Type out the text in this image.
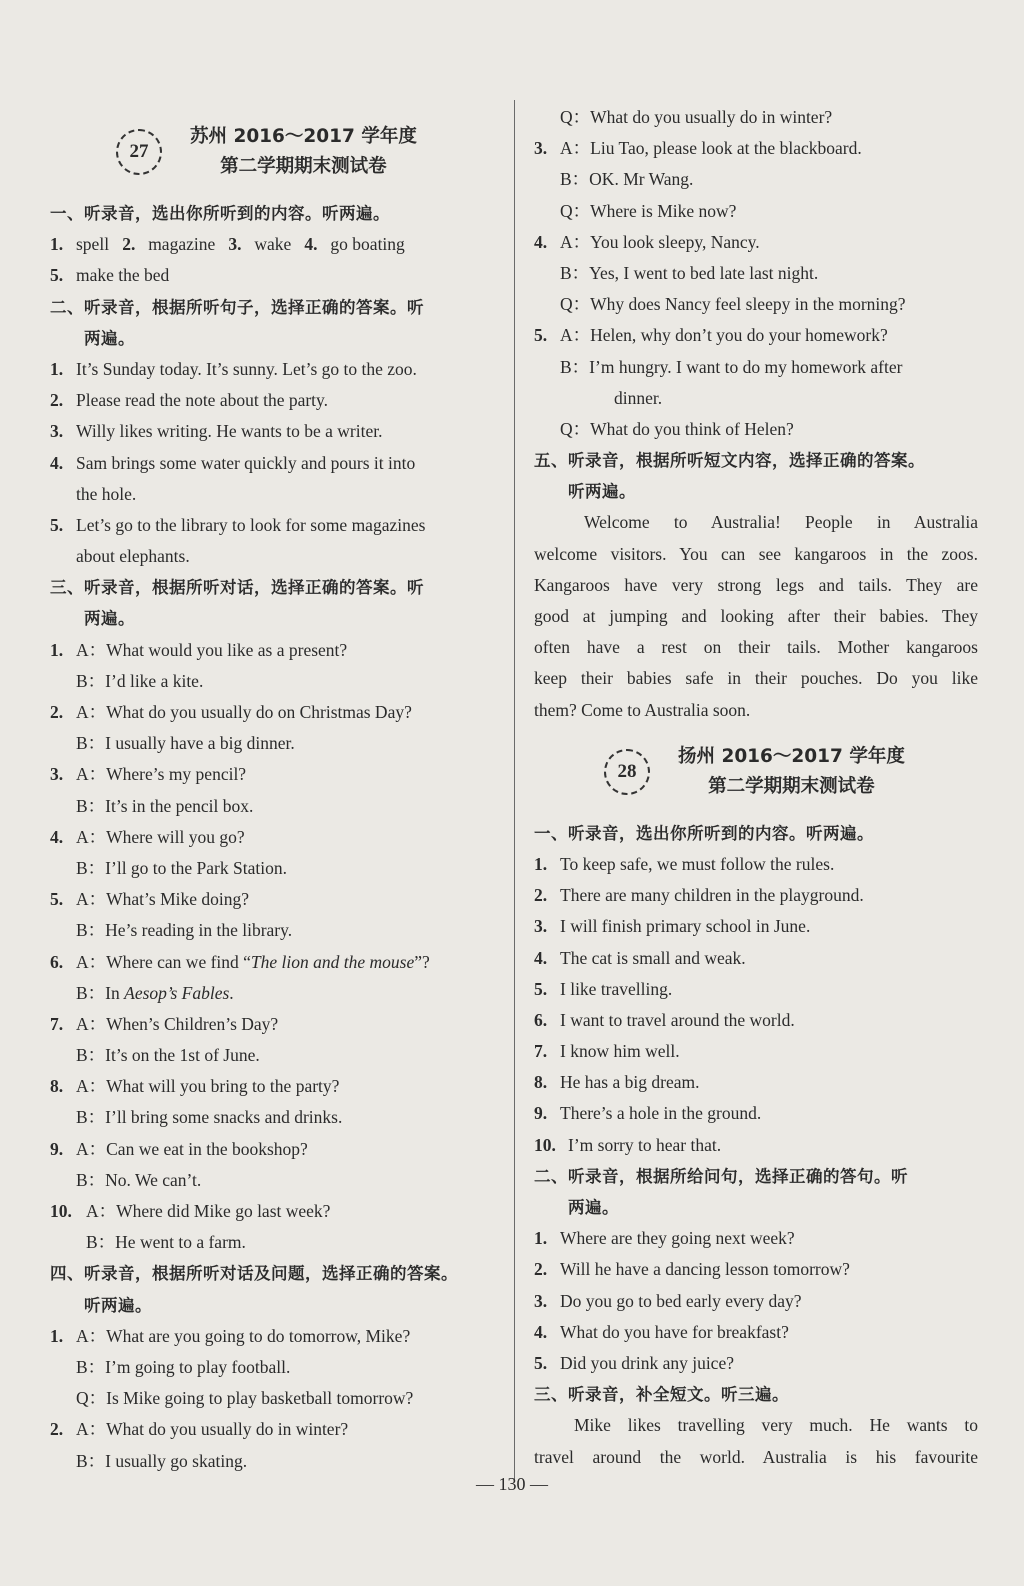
27
苏州 2016～2017 学年度
第二学期期末测试卷
一、听录音，选出你所听到的内容。听两遍。
1. spell 2. magazine 3. wake 4. go boating
5. make the bed
二、听录音，根据所听句子，选择正确的答案。听
两遍。
1. It’s Sunday today. It’s sunny. Let’s go to the zoo.
2. Please read the note about the party.
3. Willy likes writing. He wants to be a writer.
4. Sam brings some water quickly and pours it into
the hole.
5. Let’s go to the library to look for some magazines
about elephants.
三、听录音，根据所听对话，选择正确的答案。听
两遍。
1. A：What would you like as a present?
B：I’d like a kite.
2. A：What do you usually do on Christmas Day?
B：I usually have a big dinner.
3. A：Where’s my pencil?
B：It’s in the pencil box.
4. A：Where will you go?
B：I’ll go to the Park Station.
5. A：What’s Mike doing?
B：He’s reading in the library.
6. A：Where can we find “The lion and the mouse”?
B：In Aesop’s Fables.
7. A：When’s Children’s Day?
B：It’s on the 1st of June.
8. A：What will you bring to the party?
B：I’ll bring some snacks and drinks.
9. A：Can we eat in the bookshop?
B：No. We can’t.
10. A：Where did Mike go last week?
B：He went to a farm.
四、听录音，根据所听对话及问题，选择正确的答案。
听两遍。
1. A：What are you going to do tomorrow, Mike?
B：I’m going to play football.
Q：Is Mike going to play basketball tomorrow?
2. A：What do you usually do in winter?
B：I usually go skating.
Q：What do you usually do in winter?
3. A：Liu Tao, please look at the blackboard.
B：OK. Mr Wang.
Q：Where is Mike now?
4. A：You look sleepy, Nancy.
B：Yes, I went to bed late last night.
Q：Why does Nancy feel sleepy in the morning?
5. A：Helen, why don’t you do your homework?
B：I’m hungry. I want to do my homework after
dinner.
Q：What do you think of Helen?
五、听录音，根据所听短文内容，选择正确的答案。
听两遍。
Welcome to Australia! People in Australia
welcome visitors. You can see kangaroos in the zoos.
Kangaroos have very strong legs and tails. They are
good at jumping and looking after their babies. They
often have a rest on their tails. Mother kangaroos
keep their babies safe in their pouches. Do you like
them? Come to Australia soon.
28
扬州 2016～2017 学年度
第二学期期末测试卷
一、听录音，选出你所听到的内容。听两遍。
1. To keep safe, we must follow the rules.
2. There are many children in the playground.
3. I will finish primary school in June.
4. The cat is small and weak.
5. I like travelling.
6. I want to travel around the world.
7. I know him well.
8. He has a big dream.
9. There’s a hole in the ground.
10. I’m sorry to hear that.
二、听录音，根据所给问句，选择正确的答句。听
两遍。
1. Where are they going next week?
2. Will he have a dancing lesson tomorrow?
3. Do you go to bed early every day?
4. What do you have for breakfast?
5. Did you drink any juice?
三、听录音，补全短文。听三遍。
Mike likes travelling very much. He wants to
travel around the world. Australia is his favourite
— 130 —
